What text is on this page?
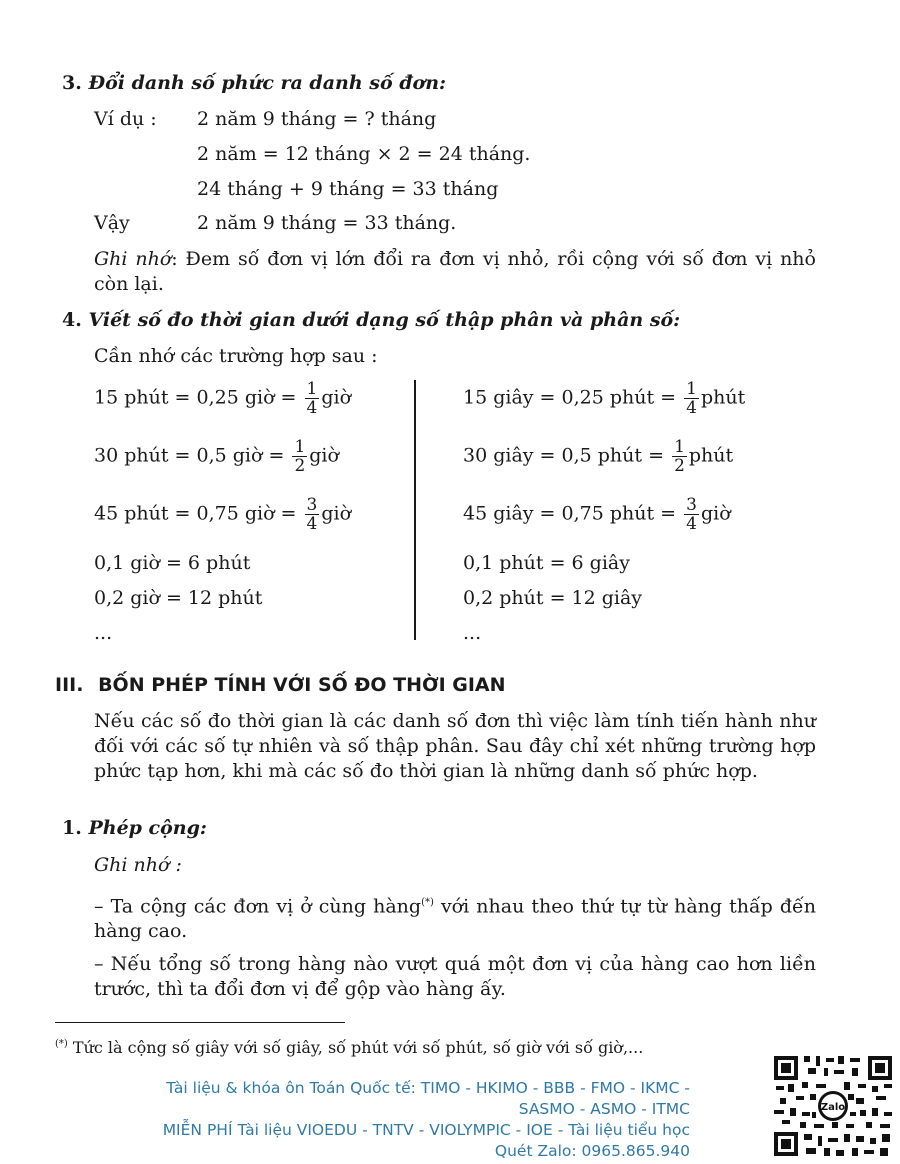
3. Đổi danh số phức ra danh số đơn:
Ví dụ : 2 năm 9 tháng = ? tháng
2 năm = 12 tháng × 2 = 24 tháng.
24 tháng + 9 tháng = 33 tháng
Vậy	2 năm 9 tháng = 33 tháng.
Ghi nhớ: Đem số đơn vị lớn đổi ra đơn vị nhỏ, rồi cộng với số đơn vị nhỏ còn lại.
4. Viết số đo thời gian dưới dạng số thập phân và phân số:
Cần nhớ các trường hợp sau :
15 phút = 0,25 giờ = $\frac{1}{4}$ giờ
30 phút = 0,5 giờ = $\frac{1}{2}$ giờ
45 phút = 0,75 giờ = $\frac{3}{4}$ giờ
0,1 giờ = 6 phút
0,2 giờ = 12 phút
...
15 giây = 0,25 phút = $\frac{1}{4}$ phút
30 giây = 0,5 phút = $\frac{1}{2}$ phút
45 giây = 0,75 phút = $\frac{3}{4}$ giờ
0,1 phút = 6 giây
0,2 phút = 12 giây
...
III. BỐN PHÉP TÍNH VỚI SỐ ĐO THỜI GIAN
Nếu các số đo thời gian là các danh số đơn thì việc làm tính tiến hành như đối với các số tự nhiên và số thập phân. Sau đây chỉ xét những trường hợp phức tạp hơn, khi mà các số đo thời gian là những danh số phức hợp.
1. Phép cộng:
Ghi nhớ :
– Ta cộng các đơn vị ở cùng hàng(*) với nhau theo thứ tự từ hàng thấp đến hàng cao.
– Nếu tổng số trong hàng nào vượt quá một đơn vị của hàng cao hơn liền trước, thì ta đổi đơn vị để gộp vào hàng ấy.
(*) Tức là cộng số giây với số giây, số phút với số phút, số giờ với số giờ,...
Tài liệu & khóa ôn Toán Quốc tế: TIMO - HKIMO - BBB - FMO - IKMC -
SASMO - ASMO - ITMC
MIỄN PHÍ Tài liệu VIOEDU - TNTV - VIOLYMPIC - IOE - Tài liệu tiểu học
Quét Zalo: 0965.865.940
Zalo
